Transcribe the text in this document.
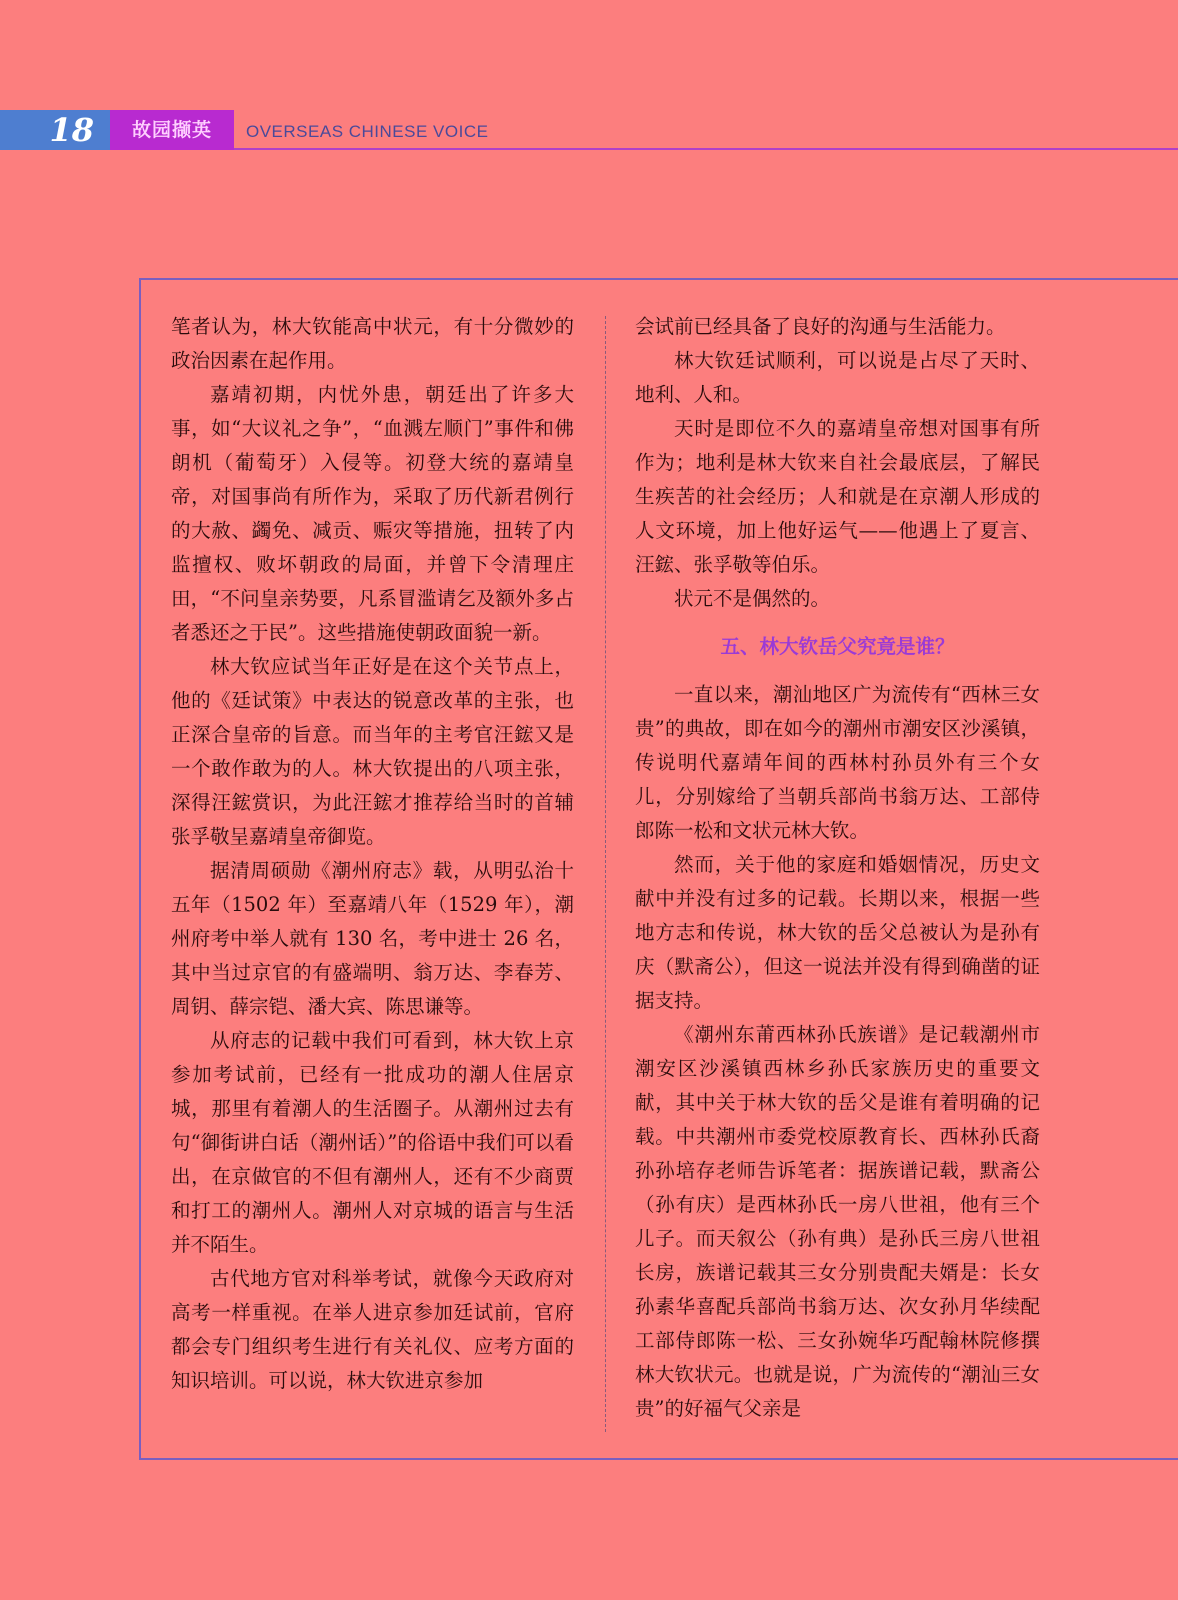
18	故园撷英	OVERSEAS CHINESE VOICE

笔者认为，林大钦能高中状元，有十分微妙的政治因素在起作用。

嘉靖初期，内忧外患，朝廷出了许多大事，如“大议礼之争”，“血溅左顺门”事件和佛朗机（葡萄牙）入侵等。初登大统的嘉靖皇帝，对国事尚有所作为，采取了历代新君例行的大赦、蠲免、减贡、赈灾等措施，扭转了内监擅权、败坏朝政的局面，并曾下令清理庄田，“不问皇亲势要，凡系冒滥请乞及额外多占者悉还之于民”。这些措施使朝政面貌一新。

林大钦应试当年正好是在这个关节点上，他的《廷试策》中表达的锐意改革的主张，也正深合皇帝的旨意。而当年的主考官汪鋐又是一个敢作敢为的人。林大钦提出的八项主张，深得汪鋐赏识，为此汪鋐才推荐给当时的首辅张孚敬呈嘉靖皇帝御览。

据清周硕勋《潮州府志》载，从明弘治十五年（1502 年）至嘉靖八年（1529 年），潮州府考中举人就有 130 名，考中进士 26 名，其中当过京官的有盛端明、翁万达、李春芳、周钥、薛宗铠、潘大宾、陈思谦等。

从府志的记载中我们可看到，林大钦上京参加考试前，已经有一批成功的潮人住居京城，那里有着潮人的生活圈子。从潮州过去有句“御街讲白话（潮州话）”的俗语中我们可以看出，在京做官的不但有潮州人，还有不少商贾和打工的潮州人。潮州人对京城的语言与生活并不陌生。

古代地方官对科举考试，就像今天政府对高考一样重视。在举人进京参加廷试前，官府都会专门组织考生进行有关礼仪、应考方面的知识培训。可以说，林大钦进京参加

会试前已经具备了良好的沟通与生活能力。

林大钦廷试顺利，可以说是占尽了天时、地利、人和。

天时是即位不久的嘉靖皇帝想对国事有所作为；地利是林大钦来自社会最底层，了解民生疾苦的社会经历；人和就是在京潮人形成的人文环境，加上他好运气——他遇上了夏言、汪鋐、张孚敬等伯乐。

状元不是偶然的。

五、林大钦岳父究竟是谁？

一直以来，潮汕地区广为流传有“西林三女贵”的典故，即在如今的潮州市潮安区沙溪镇，传说明代嘉靖年间的西林村孙员外有三个女儿，分别嫁给了当朝兵部尚书翁万达、工部侍郎陈一松和文状元林大钦。

然而，关于他的家庭和婚姻情况，历史文献中并没有过多的记载。长期以来，根据一些地方志和传说，林大钦的岳父总被认为是孙有庆（默斋公），但这一说法并没有得到确凿的证据支持。

《潮州东莆西林孙氏族谱》是记载潮州市潮安区沙溪镇西林乡孙氏家族历史的重要文献，其中关于林大钦的岳父是谁有着明确的记载。中共潮州市委党校原教育长、西林孙氏裔孙孙培存老师告诉笔者：据族谱记载，默斋公（孙有庆）是西林孙氏一房八世祖，他有三个儿子。而天叙公（孙有典）是孙氏三房八世祖长房，族谱记载其三女分别贵配夫婿是：长女孙素华喜配兵部尚书翁万达、次女孙月华续配工部侍郎陈一松、三女孙婉华巧配翰林院修撰林大钦状元。也就是说，广为流传的“潮汕三女贵”的好福气父亲是
